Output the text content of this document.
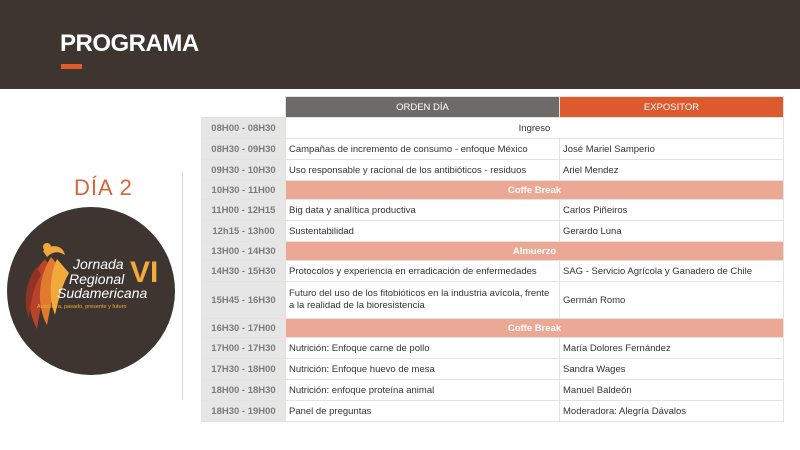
PROGRAMA
DÍA 2
Jornada
Regional
Sudamericana
VI
Avicultura, pasado, presente y futuro
	ORDEN DÍA	EXPOSITOR
08H00 - 08H30	Ingreso	
08H30 - 09H30	Campañas de incremento de consumo - enfoque México	José Mariel Samperio
09H30 - 10H30	Uso responsable y racional de los antibióticos - residuos	Ariel Mendez
10H30 - 11H00	Coffe Break	
11H00 - 12H15	Big data y analítica productiva	Carlos Piñeiros
12h15 - 13h00	Sustentabilidad	Gerardo Luna
13H00 - 14H30	Almuerzo	
14H30 - 15H30	Protocolos y experiencia en erradicación de enfermedades	SAG - Servicio Agrícola y Ganadero de Chile
15H45 - 16H30	Futuro del uso de los fitobióticos en la industria avícola, frente a la realidad de la bioresistencia	Germán Romo
16H30 - 17H00	Coffe Break	
17H00 - 17H30	Nutrición: Enfoque carne de pollo	María Dolores Fernández
17H30 - 18H00	Nutrición: Enfoque huevo de mesa	Sandra Wages
18H00 - 18H30	Nutrición: enfoque proteína animal	Manuel Baldeón
18H30 - 19H00	Panel de preguntas	Moderadora: Alegría Dávalos
